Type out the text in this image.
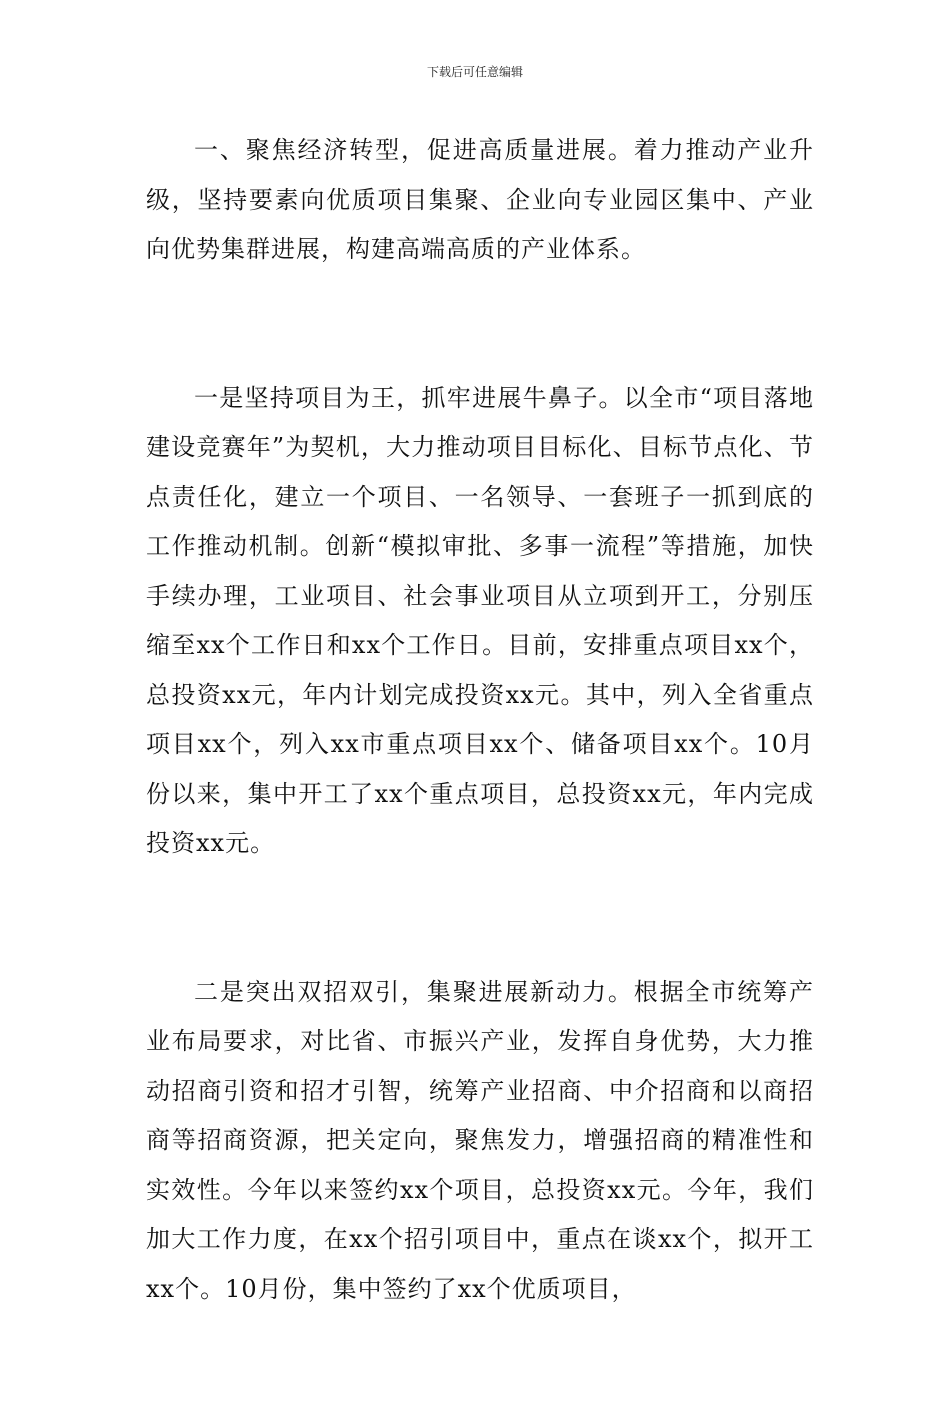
下载后可任意编辑

一、聚焦经济转型，促进高质量进展。着力推动产业升级，坚持要素向优质项目集聚、企业向专业园区集中、产业向优势集群进展，构建高端高质的产业体系。

一是坚持项目为王，抓牢进展牛鼻子。以全市“项目落地建设竞赛年”为契机，大力推动项目目标化、目标节点化、节点责任化，建立一个项目、一名领导、一套班子一抓到底的工作推动机制。创新“模拟审批、多事一流程”等措施，加快手续办理，工业项目、社会事业项目从立项到开工，分别压缩至xx个工作日和xx个工作日。目前，安排重点项目xx个，总投资xx元，年内计划完成投资xx元。其中，列入全省重点项目xx个，列入xx市重点项目xx个、储备项目xx个。10月份以来，集中开工了xx个重点项目，总投资xx元，年内完成投资xx元。

二是突出双招双引，集聚进展新动力。根据全市统筹产业布局要求，对比省、市振兴产业，发挥自身优势，大力推动招商引资和招才引智，统筹产业招商、中介招商和以商招商等招商资源，把关定向，聚焦发力，增强招商的精准性和实效性。今年以来签约xx个项目，总投资xx元。今年，我们加大工作力度，在xx个招引项目中，重点在谈xx个，拟开工xx个。10月份，集中签约了xx个优质项目，
